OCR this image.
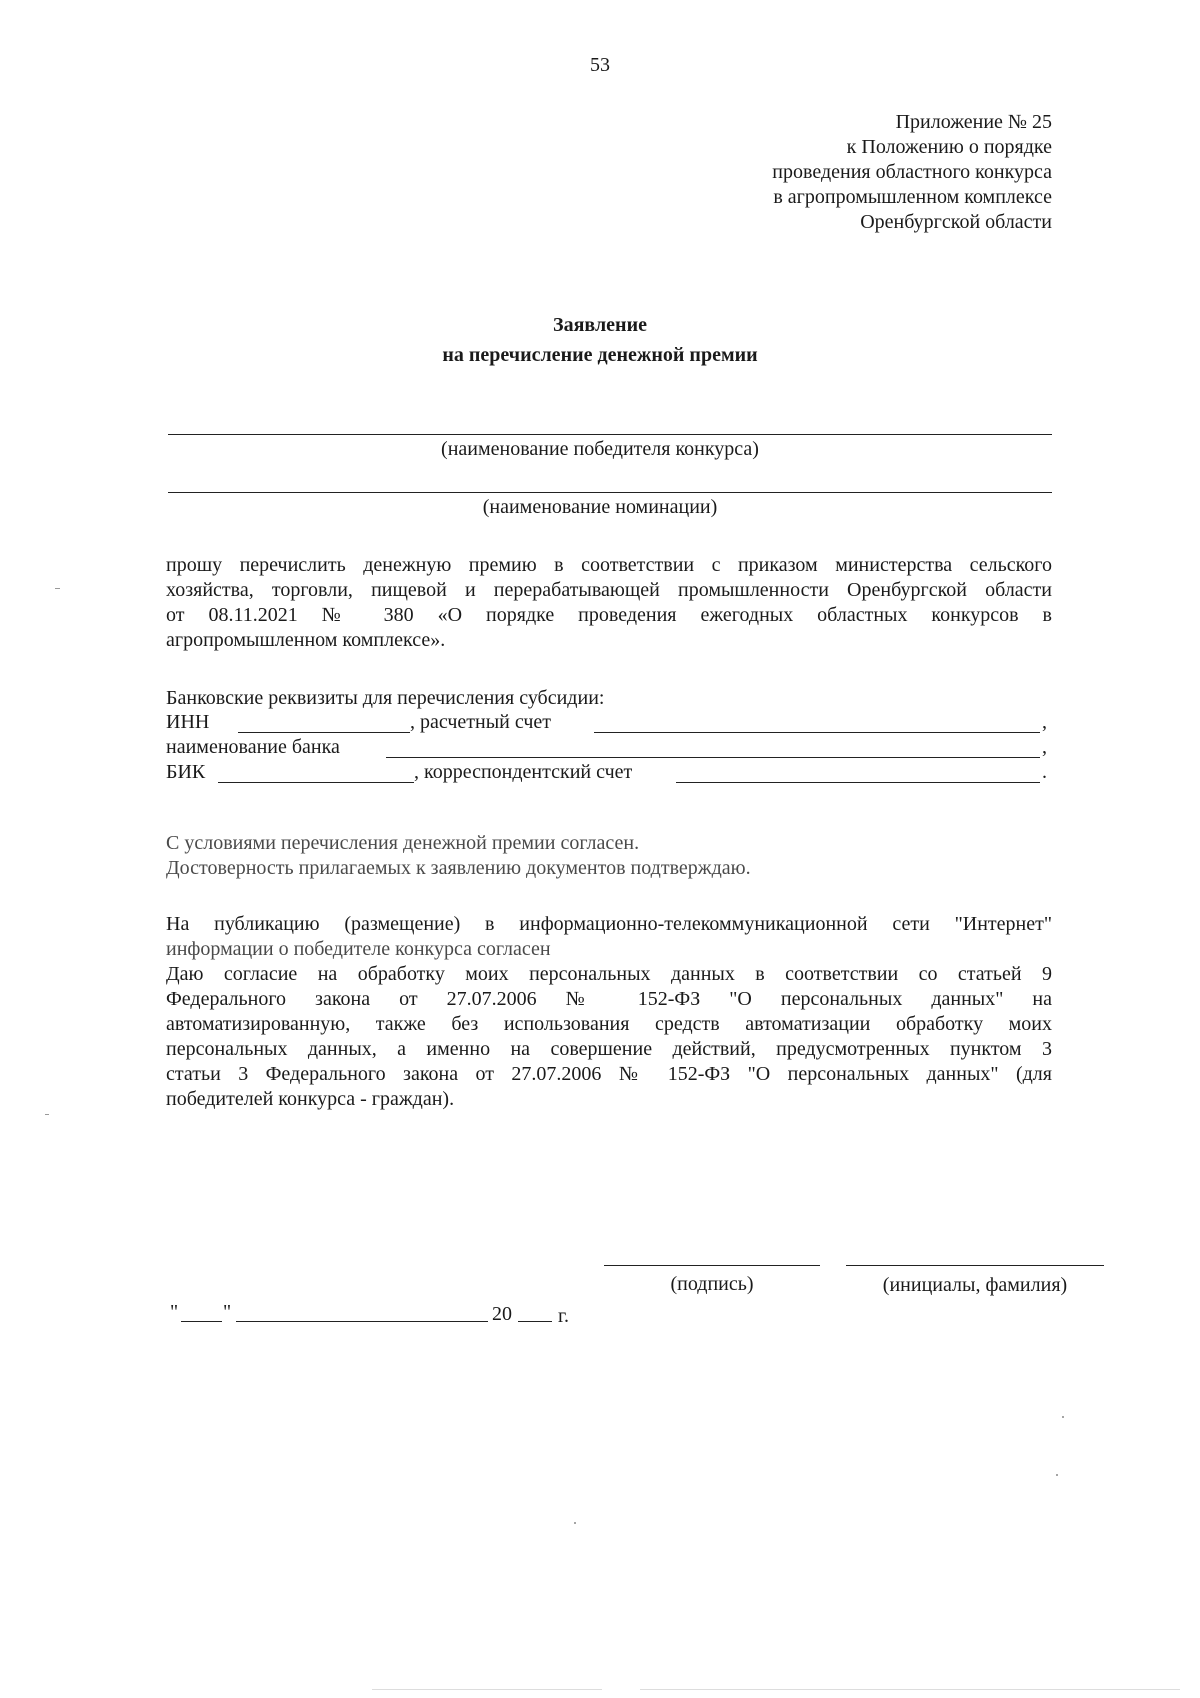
53
Приложение № 25
к Положению о порядке
проведения областного конкурса
в агропромышленном комплексе
Оренбургской области
Заявление
на перечисление денежной премии
(наименование победителя конкурса)
(наименование номинации)
прошу перечислить денежную премию в соответствии с приказом министерства сельского
хозяйства, торговли, пищевой и перерабатывающей промышленности Оренбургской области
от 08.11.2021 № 380 «О порядке проведения ежегодных областных конкурсов в
агропромышленном комплексе».
Банковские реквизиты для перечисления субсидии:
ИНН	, расчетный счет	,
наименование банка	,
БИК	, корреспондентский счет	.
С условиями перечисления денежной премии согласен.
Достоверность прилагаемых к заявлению документов подтверждаю.
На публикацию (размещение) в информационно-телекоммуникационной сети "Интернет"
информации о победителе конкурса согласен
Даю согласие на обработку моих персональных данных в соответствии со статьей 9
Федерального закона от 27.07.2006 № 152-ФЗ "О персональных данных" на
автоматизированную, также без использования средств автоматизации обработку моих
персональных данных, а именно на совершение действий, предусмотренных пунктом 3
статьи 3 Федерального закона от 27.07.2006 № 152-ФЗ "О персональных данных" (для
победителей конкурса - граждан).
(подпись)	(инициалы, фамилия)
" "	20 г.
